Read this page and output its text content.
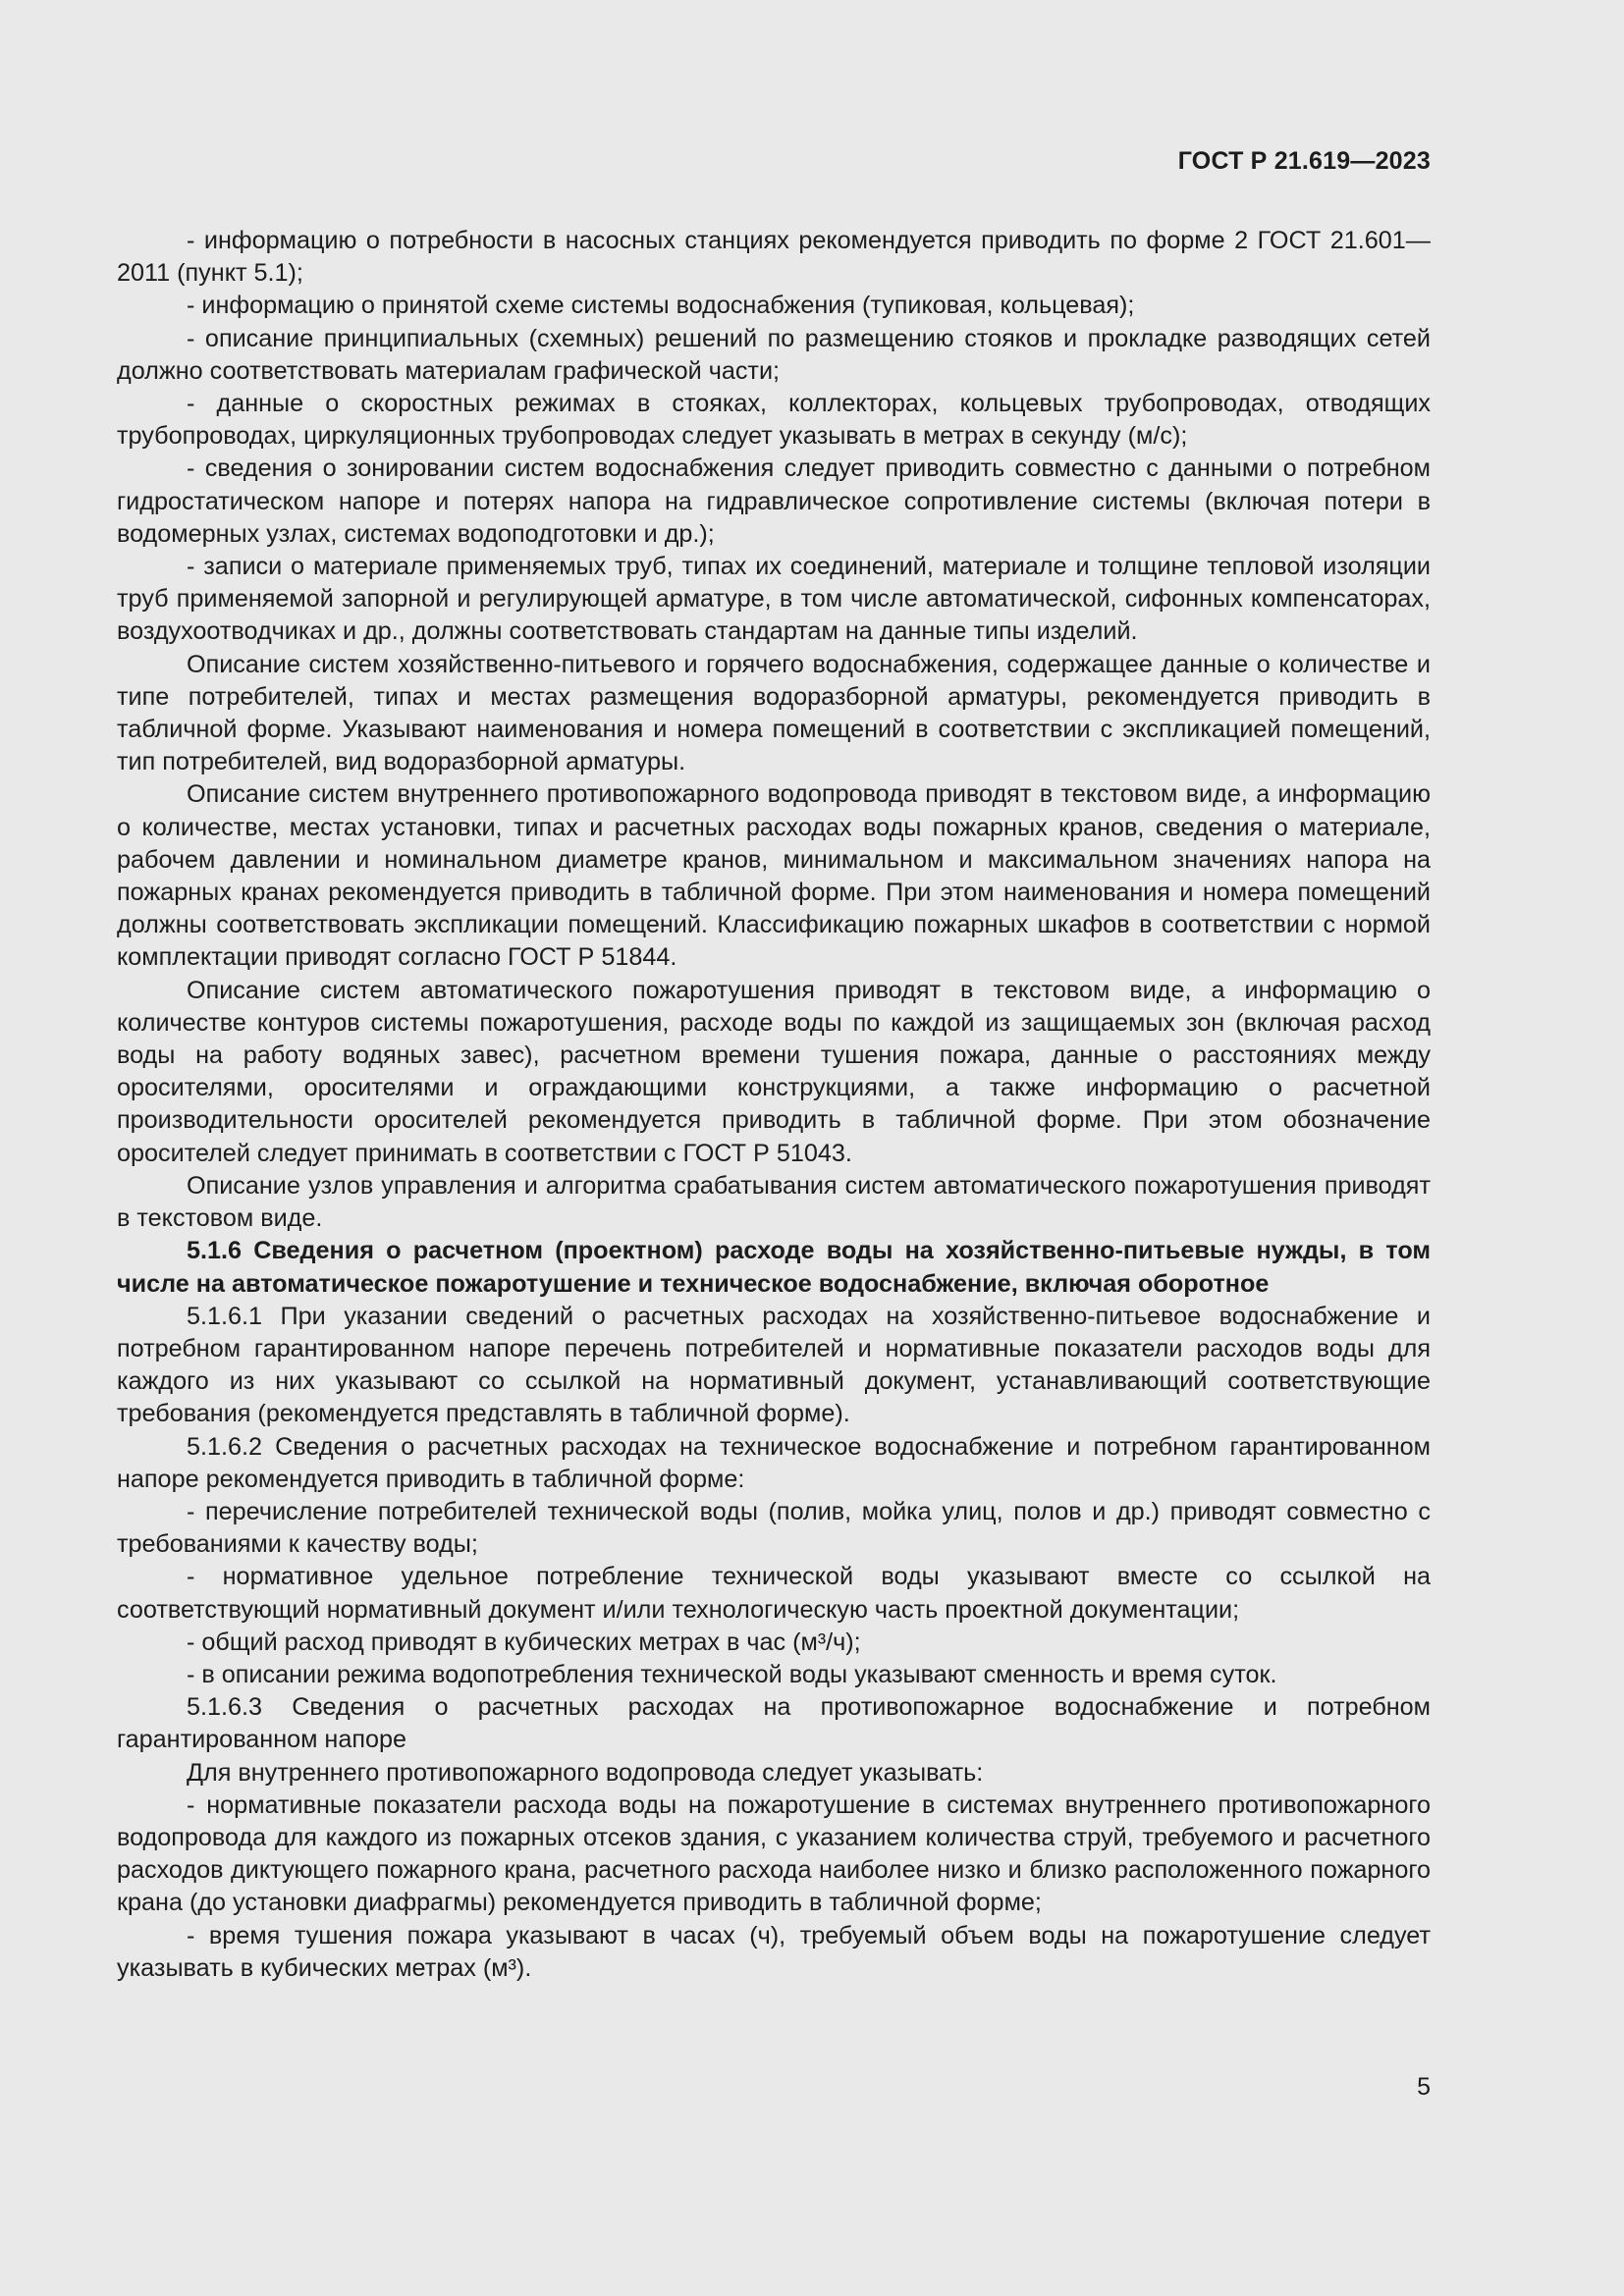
ГОСТ Р 21.619—2023

- информацию о потребности в насосных станциях рекомендуется приводить по форме 2 ГОСТ 21.601—2011 (пункт 5.1);

- информацию о принятой схеме системы водоснабжения (тупиковая, кольцевая);

- описание принципиальных (схемных) решений по размещению стояков и прокладке разводящих сетей должно соответствовать материалам графической части;

- данные о скоростных режимах в стояках, коллекторах, кольцевых трубопроводах, отводящих трубопроводах, циркуляционных трубопроводах следует указывать в метрах в секунду (м/с);

- сведения о зонировании систем водоснабжения следует приводить совместно с данными о потребном гидростатическом напоре и потерях напора на гидравлическое сопротивление системы (включая потери в водомерных узлах, системах водоподготовки и др.);

- записи о материале применяемых труб, типах их соединений, материале и толщине тепловой изоляции труб применяемой запорной и регулирующей арматуре, в том числе автоматической, сифонных компенсаторах, воздухоотводчиках и др., должны соответствовать стандартам на данные типы изделий.

Описание систем хозяйственно-питьевого и горячего водоснабжения, содержащее данные о количестве и типе потребителей, типах и местах размещения водоразборной арматуры, рекомендуется приводить в табличной форме. Указывают наименования и номера помещений в соответствии с экспликацией помещений, тип потребителей, вид водоразборной арматуры.

Описание систем внутреннего противопожарного водопровода приводят в текстовом виде, а информацию о количестве, местах установки, типах и расчетных расходах воды пожарных кранов, сведения о материале, рабочем давлении и номинальном диаметре кранов, минимальном и максимальном значениях напора на пожарных кранах рекомендуется приводить в табличной форме. При этом наименования и номера помещений должны соответствовать экспликации помещений. Классификацию пожарных шкафов в соответствии с нормой комплектации приводят согласно ГОСТ Р 51844.

Описание систем автоматического пожаротушения приводят в текстовом виде, а информацию о количестве контуров системы пожаротушения, расходе воды по каждой из защищаемых зон (включая расход воды на работу водяных завес), расчетном времени тушения пожара, данные о расстояниях между оросителями, оросителями и ограждающими конструкциями, а также информацию о расчетной производительности оросителей рекомендуется приводить в табличной форме. При этом обозначение оросителей следует принимать в соответствии с ГОСТ Р 51043.

Описание узлов управления и алгоритма срабатывания систем автоматического пожаротушения приводят в текстовом виде.

5.1.6 Сведения о расчетном (проектном) расходе воды на хозяйственно-питьевые нужды, в том числе на автоматическое пожаротушение и техническое водоснабжение, включая оборотное

5.1.6.1 При указании сведений о расчетных расходах на хозяйственно-питьевое водоснабжение и потребном гарантированном напоре перечень потребителей и нормативные показатели расходов воды для каждого из них указывают со ссылкой на нормативный документ, устанавливающий соответствующие требования (рекомендуется представлять в табличной форме).

5.1.6.2 Сведения о расчетных расходах на техническое водоснабжение и потребном гарантированном напоре рекомендуется приводить в табличной форме:

- перечисление потребителей технической воды (полив, мойка улиц, полов и др.) приводят совместно с требованиями к качеству воды;

- нормативное удельное потребление технической воды указывают вместе со ссылкой на соответствующий нормативный документ и/или технологическую часть проектной документации;

- общий расход приводят в кубических метрах в час (м³/ч);

- в описании режима водопотребления технической воды указывают сменность и время суток.

5.1.6.3 Сведения о расчетных расходах на противопожарное водоснабжение и потребном гарантированном напоре

Для внутреннего противопожарного водопровода следует указывать:

- нормативные показатели расхода воды на пожаротушение в системах внутреннего противопожарного водопровода для каждого из пожарных отсеков здания, с указанием количества струй, требуемого и расчетного расходов диктующего пожарного крана, расчетного расхода наиболее низко и близко расположенного пожарного крана (до установки диафрагмы) рекомендуется приводить в табличной форме;

- время тушения пожара указывают в часах (ч), требуемый объем воды на пожаротушение следует указывать в кубических метрах (м³).

5
